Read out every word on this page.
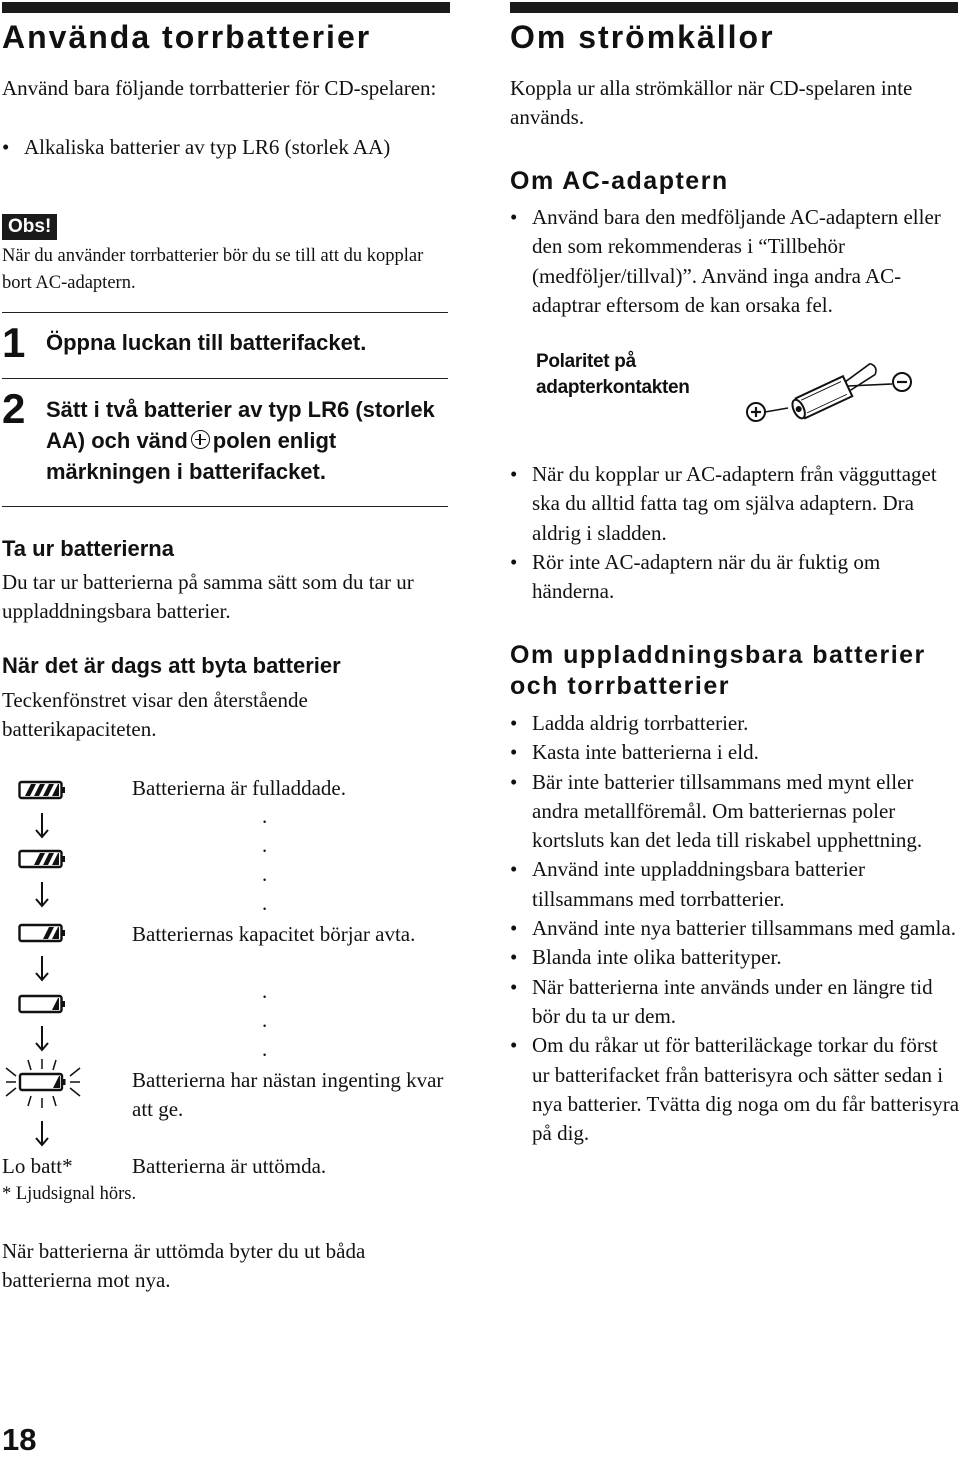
Använda torrbatterier

Använd bara följande torrbatterier för CD-spelaren:

• Alkaliska batterier av typ LR6 (storlek AA)
Obs!

När du använder torrbatterier bör du se till att du kopplar bort AC-adaptern.

1 Öppna luckan till batterifacket.
2 Sätt i två batterier av typ LR6 (storlek AA) och vänd polen enligt märkningen i batterifacket.
Ta ur batterierna

Du tar ur batterierna på samma sätt som du tar ur uppladdningsbara batterier.

När det är dags att byta batterier

Teckenfönstret visar den återstående batterikapaciteten.

Batterierna är fulladdade.

.
.
.
.

Batteriernas kapacitet börjar avta.

.
.
.

Batterierna har nästan ingenting kvar att ge.

Lo batt*	Batterierna är uttömda.

* Ljudsignal hörs.

När batterierna är uttömda byter du ut båda batterierna mot nya.

Om strömkällor

Koppla ur alla strömkällor när CD-spelaren inte används.

Om AC-adaptern
• Använd bara den medföljande AC-adaptern eller den som rekommenderas i “Tillbehör (medföljer/tillval)”. Använd inga andra AC-adaptrar eftersom de kan orsaka fel.
Polaritet på adapterkontakten
• När du kopplar ur AC-adaptern från vägguttaget ska du alltid fatta tag om själva adaptern. Dra aldrig i sladden.
• Rör inte AC-adaptern när du är fuktig om händerna.
Om uppladdningsbara batterier och torrbatterier
• Ladda aldrig torrbatterier.
• Kasta inte batterierna i eld.
• Bär inte batterier tillsammans med mynt eller andra metallföremål. Om batteriernas poler kortsluts kan det leda till riskabel upphettning.
• Använd inte uppladdningsbara batterier tillsammans med torrbatterier.
• Använd inte nya batterier tillsammans med gamla.
• Blanda inte olika batterityper.
• När batterierna inte används under en längre tid bör du ta ur dem.
• Om du råkar ut för batteriläckage torkar du först ur batterifacket från batterisyra och sätter sedan i nya batterier. Tvätta dig noga om du får batterisyra på dig.
18
